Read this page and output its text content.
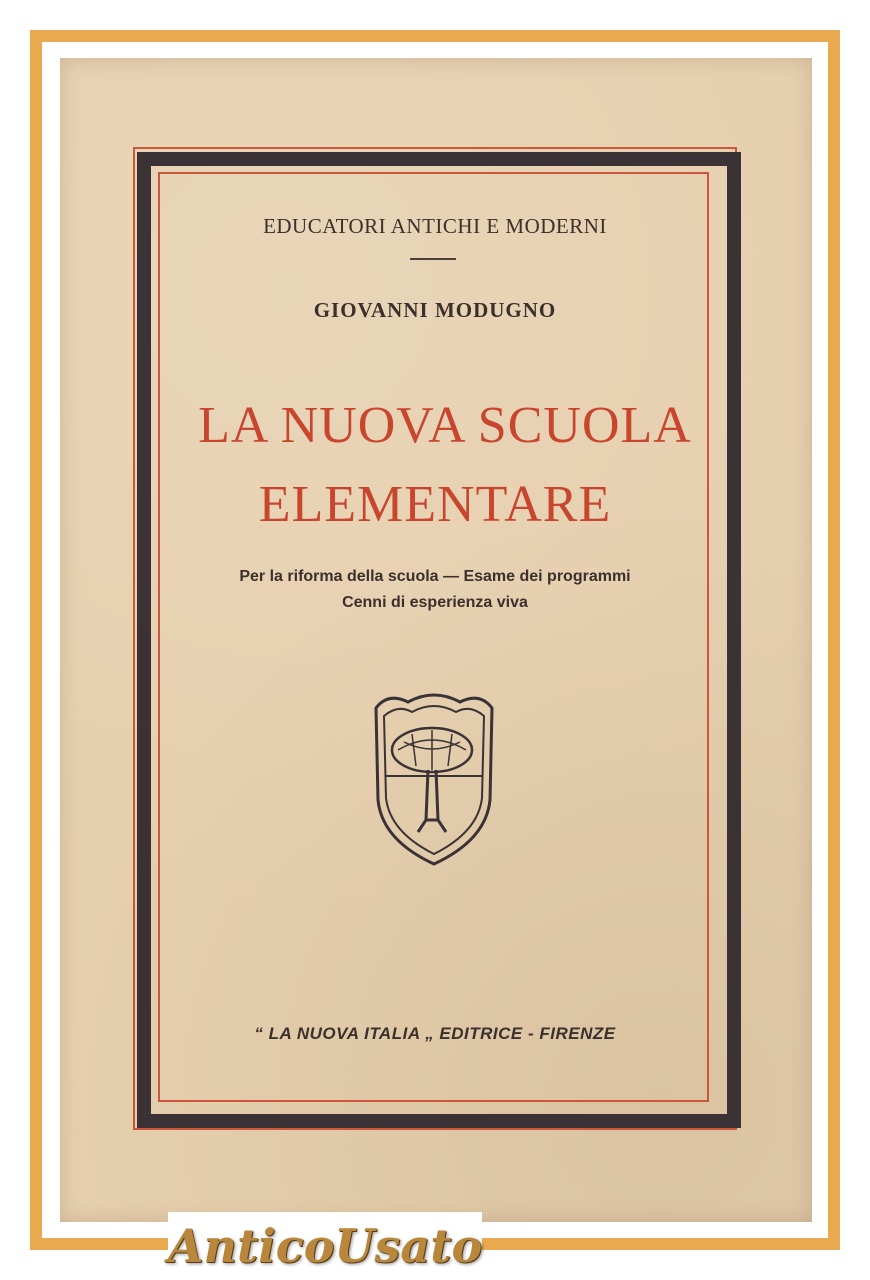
EDUCATORI ANTICHI E MODERNI
GIOVANNI MODUGNO
LA NUOVA SCUOLA
ELEMENTARE
Per la riforma della scuola — Esame dei programmi
Cenni di esperienza viva
“ LA NUOVA ITALIA „ EDITRICE - FIRENZE
AnticoUsato
